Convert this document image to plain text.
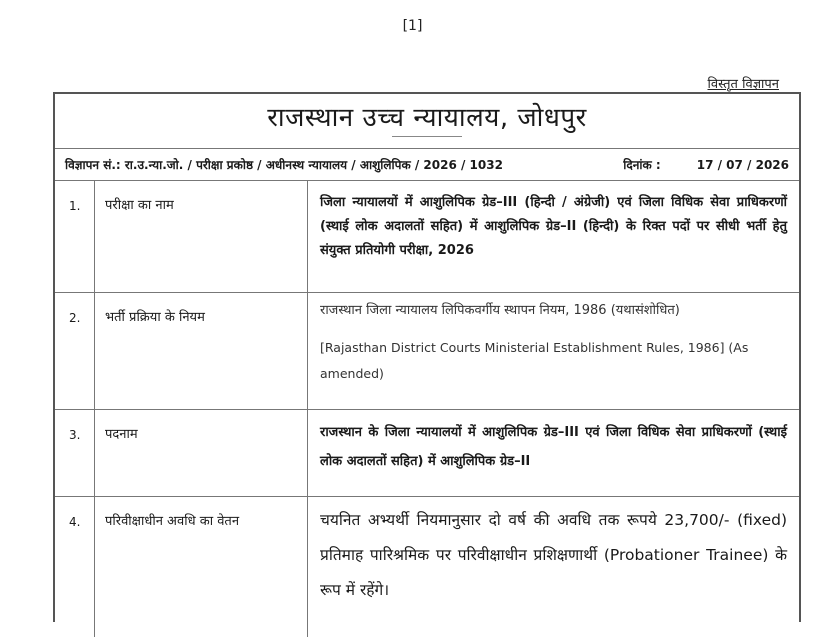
[1]
विस्तृत विज्ञापन
राजस्थान उच्च न्यायालय, जोधपुर
विज्ञापन सं.: रा.उ.न्या.जो. / परीक्षा प्रकोष्ठ / अधीनस्थ न्यायालय / आशुलिपिक / 2026 / 1032	दिनांक :	17 / 07 / 2026
1.	परीक्षा का नाम	जिला न्यायालयों में आशुलिपिक ग्रेड–III (हिन्दी / अंग्रेजी) एवं जिला विधिक सेवा प्राधिकरणों (स्थाई लोक अदालतों सहित) में आशुलिपिक ग्रेड–II (हिन्दी) के रिक्त पदों पर सीधी भर्ती हेतु संयुक्त प्रतियोगी परीक्षा, 2026
2.	भर्ती प्रक्रिया के नियम	राजस्थान जिला न्यायालय लिपिकवर्गीय स्थापन नियम, 1986 (यथासंशोधित)
[Rajasthan District Courts Ministerial Establishment Rules, 1986] (As amended)
3.	पदनाम	राजस्थान के जिला न्यायालयों में आशुलिपिक ग्रेड–III एवं जिला विधिक सेवा प्राधिकरणों (स्थाई लोक अदालतों सहित) में आशुलिपिक ग्रेड–II
4.	परिवीक्षाधीन अवधि का वेतन	चयनित अभ्यर्थी नियमानुसार दो वर्ष की अवधि तक रूपये 23,700/- (fixed) प्रतिमाह पारिश्रमिक पर परिवीक्षाधीन प्रशिक्षणार्थी (Probationer Trainee) के रूप में रहेंगे।
